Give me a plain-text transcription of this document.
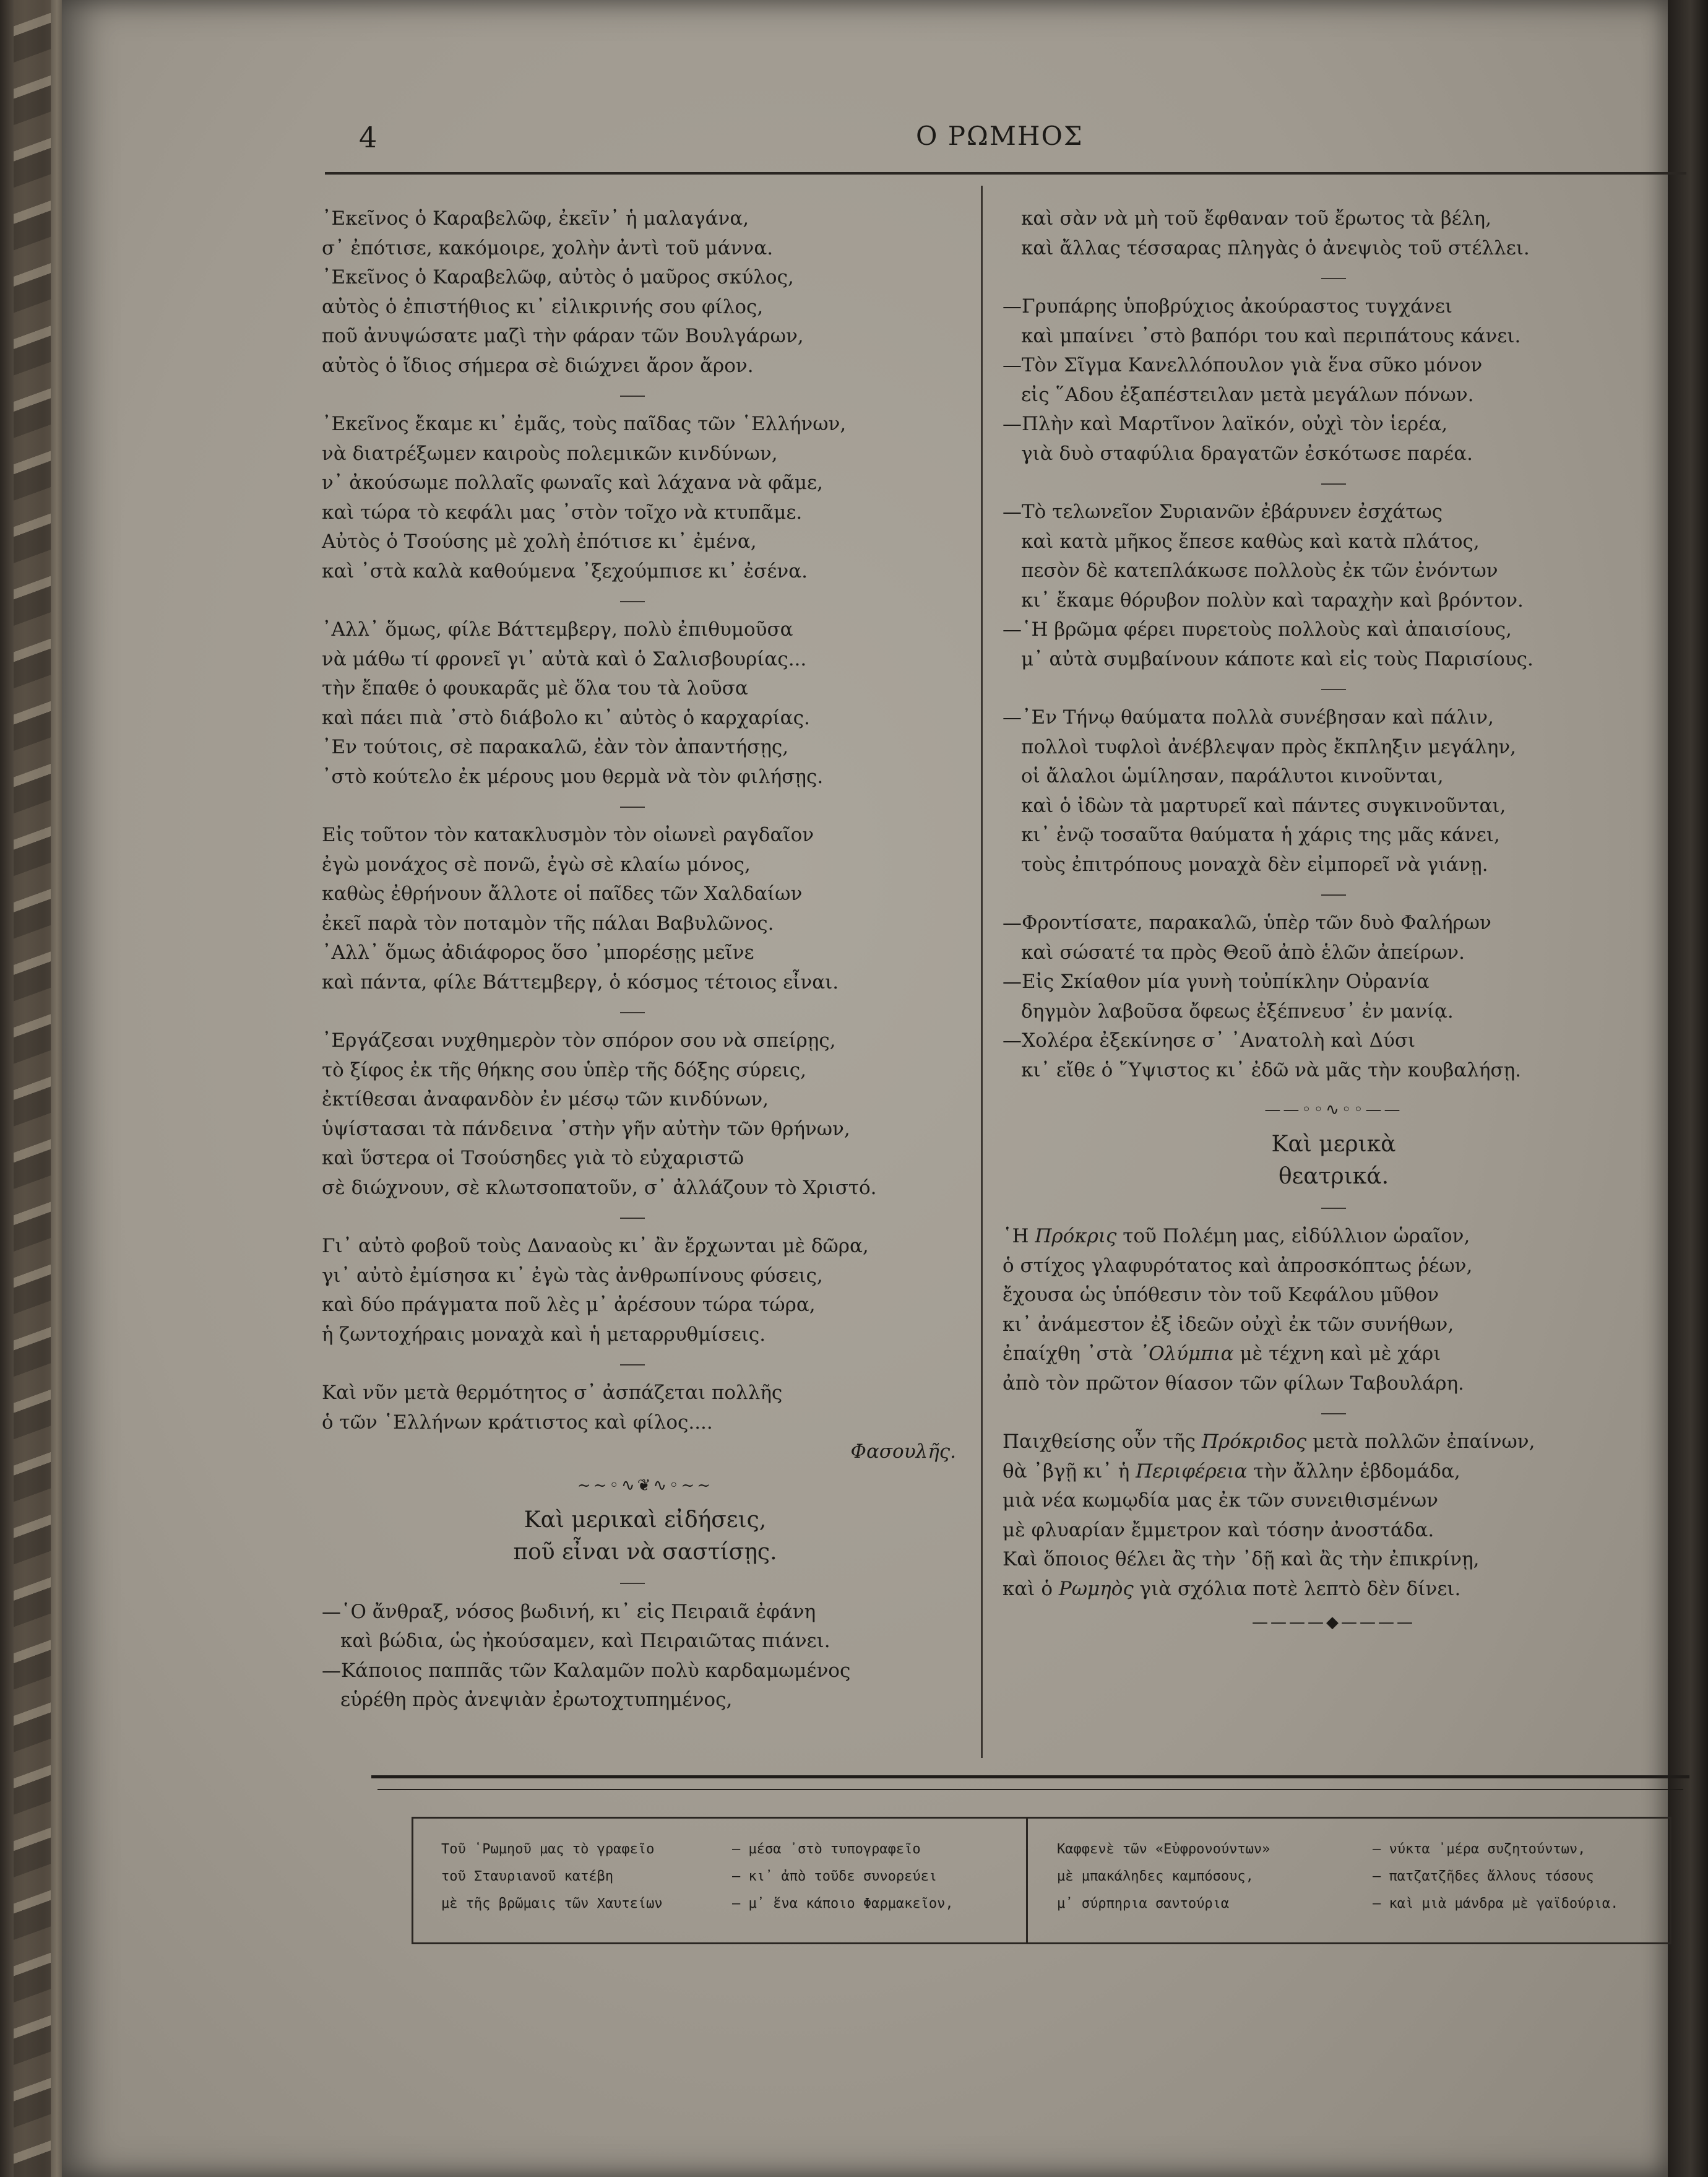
4	Ο ΡΩΜΗΟΣ

᾿Εκεῖνος ὁ Καραβελῶφ, ἐκεῖν᾿ ἡ μαλαγάνα,

σ᾿ ἐπότισε, κακόμοιρε, χολὴν ἀντὶ τοῦ μάννα.

᾿Εκεῖνος ὁ Καραβελῶφ, αὐτὸς ὁ μαῦρος σκύλος,

αὐτὸς ὁ ἐπιστήθιος κι᾿ εἰλικρινής σου φίλος,

ποῦ ἀνυψώσατε μαζὶ τὴν φάραν τῶν Βουλγάρων,

αὐτὸς ὁ ἴδιος σήμερα σὲ διώχνει ἄρον ἄρον.

᾿Εκεῖνος ἔκαμε κι᾿ ἐμᾶς, τοὺς παῖδας τῶν ῾Ελλήνων,

νὰ διατρέξωμεν καιροὺς πολεμικῶν κινδύνων,

ν᾿ ἀκούσωμε πολλαῖς φωναῖς καὶ λάχανα νὰ φᾶμε,

καὶ τώρα τὸ κεφάλι μας ᾿στὸν τοῖχο νὰ κτυπᾶμε.

Αὐτὸς ὁ Τσούσης μὲ χολὴ ἐπότισε κι᾿ ἐμένα,

καὶ ᾿στὰ καλὰ καθούμενα ᾿ξεχούμπισε κι᾿ ἐσένα.

᾿Αλλ᾿ ὅμως, φίλε Βάττεμβεργ, πολὺ ἐπιθυμοῦσα

νὰ μάθω τί φρονεῖ γι᾿ αὐτὰ καὶ ὁ Σαλισβουρίας...

τὴν ἔπαθε ὁ φουκαρᾶς μὲ ὅλα του τὰ λοῦσα

καὶ πάει πιὰ ᾿στὸ διάβολο κι᾿ αὐτὸς ὁ καρχαρίας.

᾿Εν τούτοις, σὲ παρακαλῶ, ἐὰν τὸν ἀπαντήσῃς,

᾿στὸ κούτελο ἐκ μέρους μου θερμὰ νὰ τὸν φιλήσῃς.

Εἰς τοῦτον τὸν κατακλυσμὸν τὸν οἰωνεὶ ραγδαῖον

ἐγὼ μονάχος σὲ πονῶ, ἐγὼ σὲ κλαίω μόνος,

καθὼς ἐθρήνουν ἄλλοτε οἱ παῖδες τῶν Χαλδαίων

ἐκεῖ παρὰ τὸν ποταμὸν τῆς πάλαι Βαβυλῶνος.

᾿Αλλ᾿ ὅμως ἀδιάφορος ὅσο ᾿μπορέσῃς μεῖνε

καὶ πάντα, φίλε Βάττεμβεργ, ὁ κόσμος τέτοιος εἶναι.

᾿Εργάζεσαι νυχθημερὸν τὸν σπόρον σου νὰ σπείρῃς,

τὸ ξίφος ἐκ τῆς θήκης σου ὑπὲρ τῆς δόξης σύρεις,

ἐκτίθεσαι ἀναφανδὸν ἐν μέσῳ τῶν κινδύνων,

ὑψίστασαι τὰ πάνδεινα ᾿στὴν γῆν αὐτὴν τῶν θρήνων,

καὶ ὕστερα οἱ Τσούσηδες γιὰ τὸ εὐχαριστῶ

σὲ διώχνουν, σὲ κλωτσοπατοῦν, σ᾿ ἀλλάζουν τὸ Χριστό.

Γι᾿ αὐτὸ φοβοῦ τοὺς Δαναοὺς κι᾿ ἂν ἔρχωνται μὲ δῶρα,

γι᾿ αὐτὸ ἐμίσησα κι᾿ ἐγὼ τὰς ἀνθρωπίνους φύσεις,

καὶ δύο πράγματα ποῦ λὲς μ᾿ ἀρέσουν τώρα τώρα,

ἡ ζωντοχήραις μοναχὰ καὶ ἡ μεταρρυθμίσεις.

Καὶ νῦν μετὰ θερμότητος σ᾿ ἀσπάζεται πολλῆς

ὁ τῶν ῾Ελλήνων κράτιστος καὶ φίλος....

Φασουλῆς.

~~◦∿❦∿◦~~
Καὶ μερικαὶ εἰδήσεις,
ποῦ εἶναι νὰ σαστίσῃς.

—῾Ο ἄνθραξ, νόσος βωδινή, κι᾿ εἰς Πειραιᾶ ἐφάνη

καὶ βώδια, ὡς ἠκούσαμεν, καὶ Πειραιῶτας πιάνει.

—Κάποιος παππᾶς τῶν Καλαμῶν πολὺ καρδαμωμένος

εὑρέθη πρὸς ἀνεψιὰν ἐρωτοχτυπημένος,

καὶ σὰν νὰ μὴ τοῦ ἔφθαναν τοῦ ἔρωτος τὰ βέλη,

καὶ ἄλλας τέσσαρας πληγὰς ὁ ἀνεψιὸς τοῦ στέλλει.

—Γρυπάρης ὑποβρύχιος ἀκούραστος τυγχάνει

καὶ μπαίνει ᾿στὸ βαπόρι του καὶ περιπάτους κάνει.

—Τὸν Σῖγμα Κανελλόπουλον γιὰ ἕνα σῦκο μόνον

εἰς ῞Αδου ἐξαπέστειλαν μετὰ μεγάλων πόνων.

—Πλὴν καὶ Μαρτῖνον λαϊκόν, οὐχὶ τὸν ἱερέα,

γιὰ δυὸ σταφύλια δραγατῶν ἐσκότωσε παρέα.

—Τὸ τελωνεῖον Συριανῶν ἐβάρυνεν ἐσχάτως

καὶ κατὰ μῆκος ἔπεσε καθὼς καὶ κατὰ πλάτος,

πεσὸν δὲ κατεπλάκωσε πολλοὺς ἐκ τῶν ἐνόντων

κι᾿ ἔκαμε θόρυβον πολὺν καὶ ταραχὴν καὶ βρόντον.

—῾Η βρῶμα φέρει πυρετοὺς πολλοὺς καὶ ἀπαισίους,

μ᾿ αὐτὰ συμβαίνουν κάποτε καὶ εἰς τοὺς Παρισίους.

—᾿Εν Τήνῳ θαύματα πολλὰ συνέβησαν καὶ πάλιν,

πολλοὶ τυφλοὶ ἀνέβλεψαν πρὸς ἔκπληξιν μεγάλην,

οἱ ἄλαλοι ὡμίλησαν, παράλυτοι κινοῦνται,

καὶ ὁ ἰδὼν τὰ μαρτυρεῖ καὶ πάντες συγκινοῦνται,

κι᾿ ἐνῷ τοσαῦτα θαύματα ἡ χάρις της μᾶς κάνει,

τοὺς ἐπιτρόπους μοναχὰ δὲν εἰμπορεῖ νὰ γιάνῃ.

—Φροντίσατε, παρακαλῶ, ὑπὲρ τῶν δυὸ Φαλήρων

καὶ σώσατέ τα πρὸς Θεοῦ ἀπὸ ἑλῶν ἀπείρων.

—Εἰς Σκίαθον μία γυνὴ τοὐπίκλην Οὐρανία

δηγμὸν λαβοῦσα ὄφεως ἐξέπνευσ᾿ ἐν μανίᾳ.

—Χολέρα ἐξεκίνησε σ᾿ ᾿Ανατολὴ καὶ Δύσι

κι᾿ εἴθε ὁ ῞Υψιστος κι᾿ ἐδῶ νὰ μᾶς τὴν κουβαλήσῃ.

——◦◦∿◦◦——
Καὶ μερικὰ
θεατρικά.

῾Η Πρόκρις τοῦ Πολέμη μας, εἰδύλλιον ὡραῖον,

ὁ στίχος γλαφυρότατος καὶ ἀπροσκόπτως ῥέων,

ἔχουσα ὡς ὑπόθεσιν τὸν τοῦ Κεφάλου μῦθον

κι᾿ ἀνάμεστον ἐξ ἰδεῶν οὐχὶ ἐκ τῶν συνήθων,

ἐπαίχθη ᾿στὰ ᾿Ολύμπια μὲ τέχνη καὶ μὲ χάρι

ἀπὸ τὸν πρῶτον θίασον τῶν φίλων Ταβουλάρη.

Παιχθείσης οὖν τῆς Πρόκριδος μετὰ πολλῶν ἐπαίνων,

θὰ ᾿βγῇ κι᾿ ἡ Περιφέρεια τὴν ἄλλην ἑβδομάδα,

μιὰ νέα κωμῳδία μας ἐκ τῶν συνειθισμένων

μὲ φλυαρίαν ἔμμετρον καὶ τόσην ἀνοστάδα.

Καὶ ὅποιος θέλει ἂς τὴν ᾿δῇ καὶ ἂς τὴν ἐπικρίνῃ,

καὶ ὁ Ρωμηὸς γιὰ σχόλια ποτὲ λεπτὸ δὲν δίνει.

————◆————
Τοῦ ῾Ρωμηοῦ μας τὸ γραφεῖο	— μέσα ᾿στὸ τυπογραφεῖο
τοῦ Σταυριανοῦ κατέβη	— κι᾿ ἀπὸ τοῦδε συνορεύει
μὲ τῆς βρῶμαις τῶν Χαυτείων	— μ᾿ ἕνα κάποιο Φαρμακεῖον,
Καφφενὲ τῶν «Εὐφρονούντων»	— νύκτα ᾿μέρα συζητούντων,
μὲ μπακάληδες καμπόσους,	— πατζατζῆδες ἄλλους τόσους
μ᾿ σύρπηρια σαντούρια	— καὶ μιὰ μάνδρα μὲ γαϊδούρια.
